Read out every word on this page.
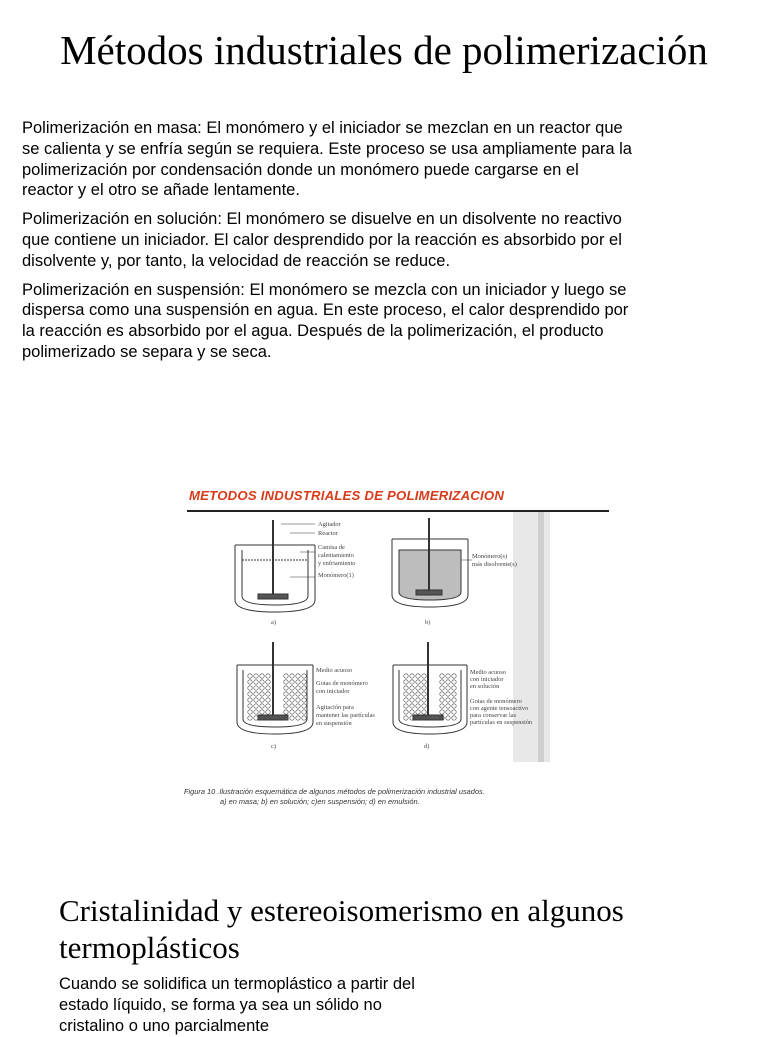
Métodos industriales de polimerización

Polimerización en masa: El monómero y el iniciador se mezclan en un reactor que se calienta y se enfría según se requiera. Este proceso se usa ampliamente para la polimerización por condensación donde un monómero puede cargarse en el reactor y el otro se añade lentamente.

Polimerización en solución: El monómero se disuelve en un disolvente no reactivo que contiene un iniciador. El calor desprendido por la reacción es absorbido por el disolvente y, por tanto, la velocidad de reacción se reduce.

Polimerización en suspensión: El monómero se mezcla con un iniciador y luego se dispersa como una suspensión en agua. En este proceso, el calor desprendido por la reacción es absorbido por el agua. Después de la polimerización, el producto polimerizado se separa y se seca.

Agitador
Reactor
Camisa de
calentamiento
y enfriamiento
Monómero(1)
a)
Monómero(s)
más disolvente(s)
b)
Medio acuoso
Gotas de monómero
con iniciador
Agitación para
mantener las partículas
en suspensión
c)
Medio acuoso
con iniciador
en solución
Gotas de monómero
con agente tensoactivo
para conservar las
partículas en suspensión
d)
METODOS INDUSTRIALES DE POLIMERIZACION
Figura 10 .Ilustración esquemática de algunos métodos de polimerización industrial usados.
a) en masa; b) en solución; c)en suspensión; d) en emulsión.
Cristalinidad y estereoisomerismo en algunos termoplásticos

Cuando se solidifica un termoplástico a partir del estado líquido, se forma ya sea un sólido no cristalino o uno parcialmente
